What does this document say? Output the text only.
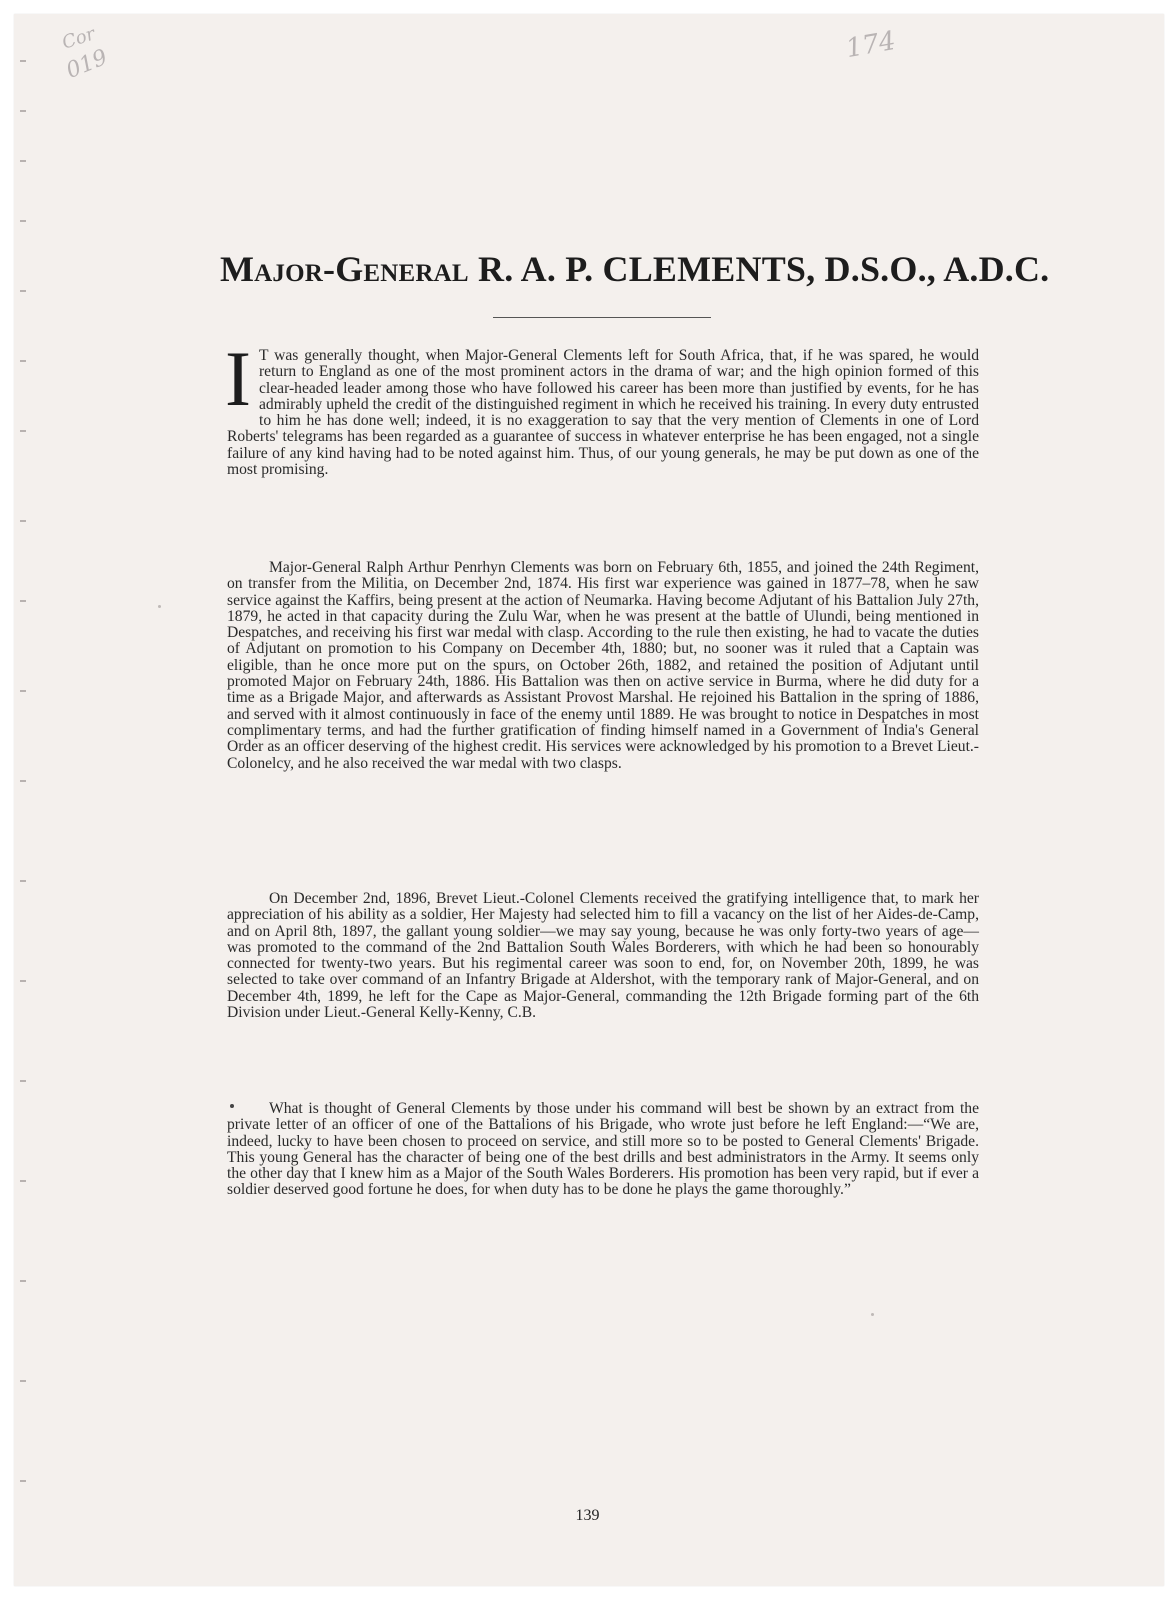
Cor
019
174
Major-General R. A. P. CLEMENTS, D.S.O., A.D.C.

I T was generally thought, when Major-General Clements left for South Africa, that, if he was spared, he would return to England as one of the most prominent actors in the drama of war; and the high opinion formed of this clear-headed leader among those who have followed his career has been more than justified by events, for he has admirably upheld the credit of the distinguished regiment in which he received his training. In every duty entrusted to him he has done well; indeed, it is no exaggeration to say that the very mention of Clements in one of Lord Roberts' telegrams has been regarded as a guarantee of success in whatever enterprise he has been engaged, not a single failure of any kind having had to be noted against him. Thus, of our young generals, he may be put down as one of the most promising.

Major-General Ralph Arthur Penrhyn Clements was born on February 6th, 1855, and joined the 24th Regiment, on transfer from the Militia, on December 2nd, 1874. His first war experience was gained in 1877–78, when he saw service against the Kaffirs, being present at the action of Neumarka. Having become Adjutant of his Battalion July 27th, 1879, he acted in that capacity during the Zulu War, when he was present at the battle of Ulundi, being mentioned in Despatches, and receiving his first war medal with clasp. According to the rule then existing, he had to vacate the duties of Adjutant on promotion to his Company on December 4th, 1880; but, no sooner was it ruled that a Captain was eligible, than he once more put on the spurs, on October 26th, 1882, and retained the position of Adjutant until promoted Major on February 24th, 1886. His Battalion was then on active service in Burma, where he did duty for a time as a Brigade Major, and afterwards as Assistant Provost Marshal. He rejoined his Battalion in the spring of 1886, and served with it almost continuously in face of the enemy until 1889. He was brought to notice in Despatches in most complimentary terms, and had the further gratification of finding himself named in a Government of India's General Order as an officer deserving of the highest credit. His services were acknowledged by his promotion to a Brevet Lieut.-Colonelcy, and he also received the war medal with two clasps.

On December 2nd, 1896, Brevet Lieut.-Colonel Clements received the gratifying intelligence that, to mark her appreciation of his ability as a soldier, Her Majesty had selected him to fill a vacancy on the list of her Aides-de-Camp, and on April 8th, 1897, the gallant young soldier—we may say young, because he was only forty-two years of age—was promoted to the command of the 2nd Battalion South Wales Borderers, with which he had been so honourably connected for twenty-two years. But his regimental career was soon to end, for, on November 20th, 1899, he was selected to take over command of an Infantry Brigade at Aldershot, with the temporary rank of Major-General, and on December 4th, 1899, he left for the Cape as Major-General, commanding the 12th Brigade forming part of the 6th Division under Lieut.-General Kelly-Kenny, C.B.

What is thought of General Clements by those under his command will best be shown by an extract from the private letter of an officer of one of the Battalions of his Brigade, who wrote just before he left England:—“We are, indeed, lucky to have been chosen to proceed on service, and still more so to be posted to General Clements' Brigade. This young General has the character of being one of the best drills and best administrators in the Army. It seems only the other day that I knew him as a Major of the South Wales Borderers. His promotion has been very rapid, but if ever a soldier deserved good fortune he does, for when duty has to be done he plays the game thoroughly.”

139
